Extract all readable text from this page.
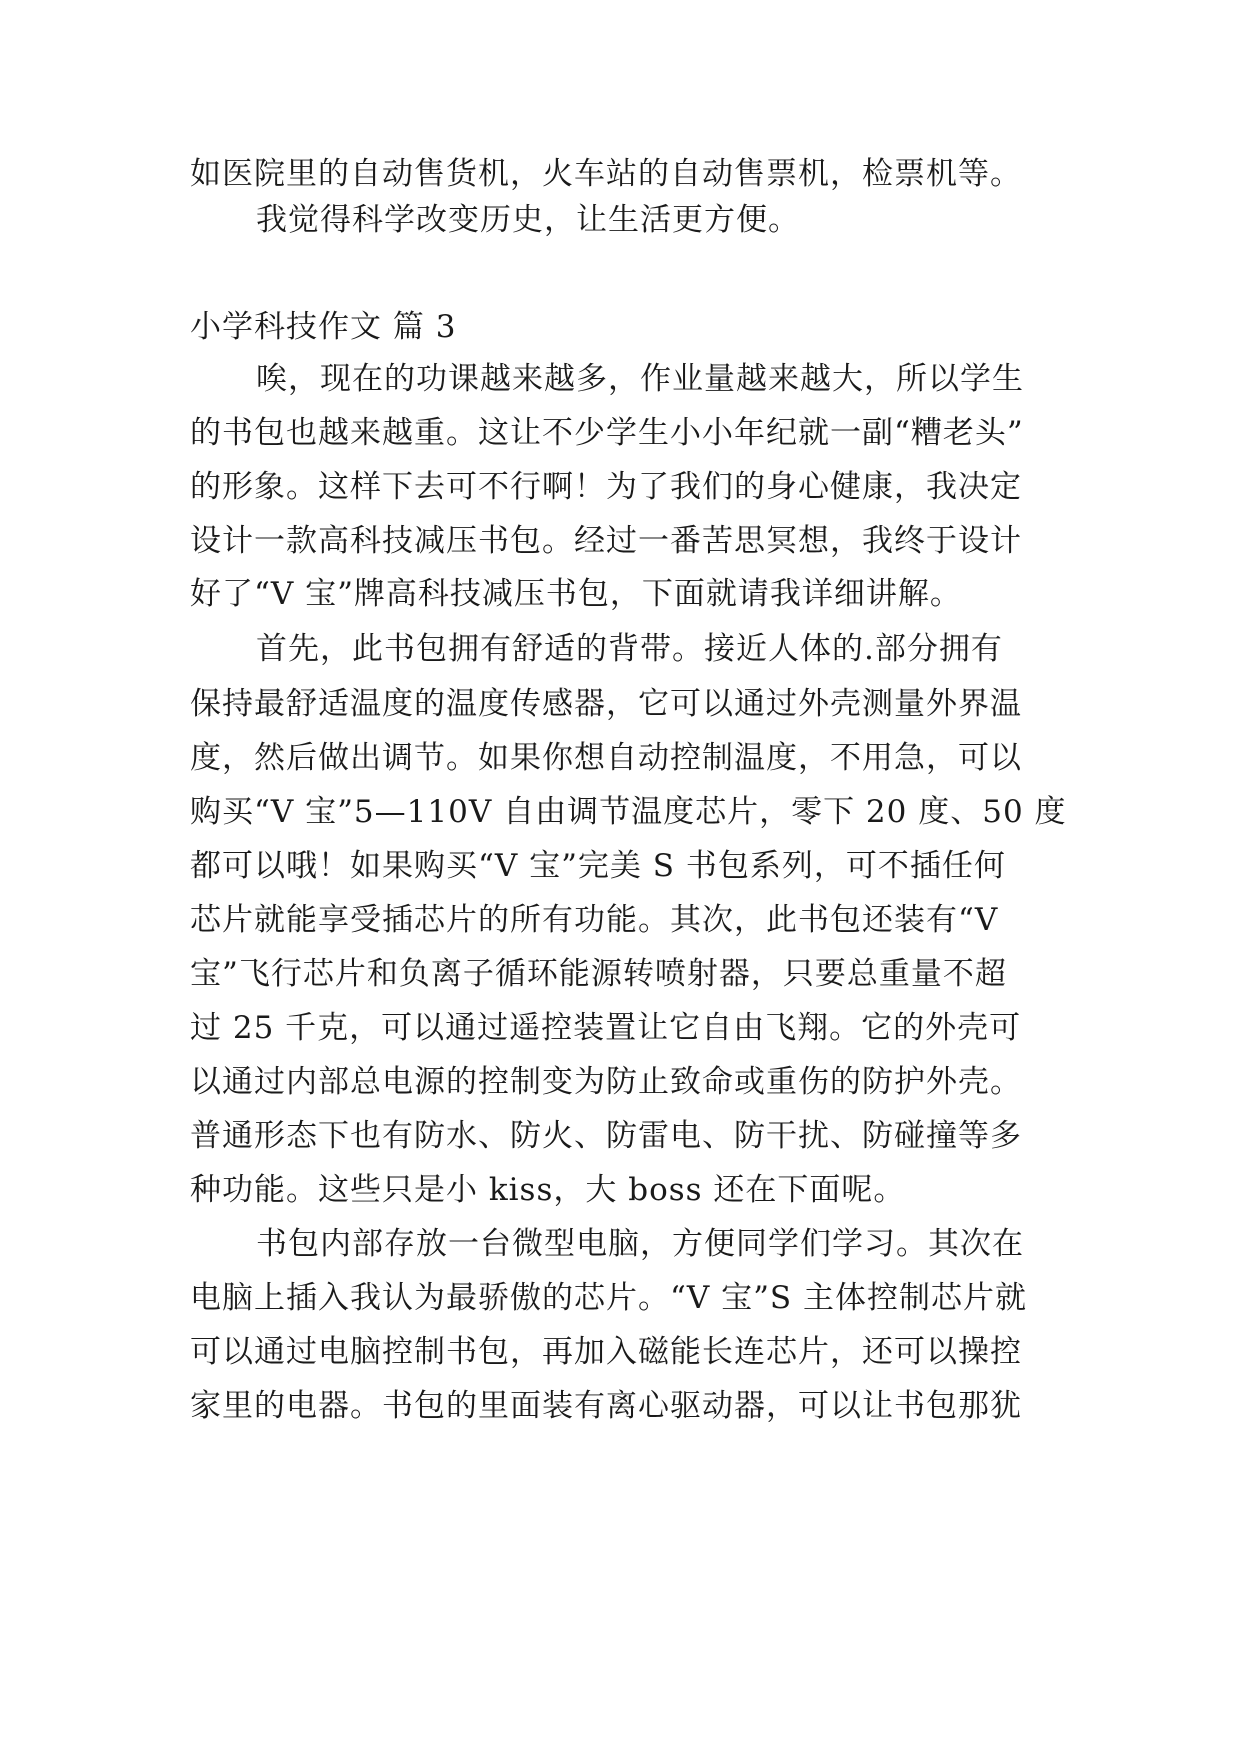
如医院里的自动售货机，火车站的自动售票机，检票机等。
我觉得科学改变历史，让生活更方便。
小学科技作文 篇 3
唉，现在的功课越来越多，作业量越来越大，所以学生
的书包也越来越重。这让不少学生小小年纪就一副“糟老头”
的形象。这样下去可不行啊！为了我们的身心健康，我决定
设计一款高科技减压书包。经过一番苦思冥想，我终于设计
好了“V 宝”牌高科技减压书包，下面就请我详细讲解。
首先，此书包拥有舒适的背带。接近人体的.部分拥有
保持最舒适温度的温度传感器，它可以通过外壳测量外界温
度，然后做出调节。如果你想自动控制温度，不用急，可以
购买“V 宝”5—110V 自由调节温度芯片，零下 20 度、50 度
都可以哦！如果购买“V 宝”完美 S 书包系列，可不插任何
芯片就能享受插芯片的所有功能。其次，此书包还装有“V
宝”飞行芯片和负离子循环能源转喷射器，只要总重量不超
过 25 千克，可以通过遥控装置让它自由飞翔。它的外壳可
以通过内部总电源的控制变为防止致命或重伤的防护外壳。
普通形态下也有防水、防火、防雷电、防干扰、防碰撞等多
种功能。这些只是小 kiss，大 boss 还在下面呢。
书包内部存放一台微型电脑，方便同学们学习。其次在
电脑上插入我认为最骄傲的芯片。“V 宝”S 主体控制芯片就
可以通过电脑控制书包，再加入磁能长连芯片，还可以操控
家里的电器。书包的里面装有离心驱动器，可以让书包那犹
